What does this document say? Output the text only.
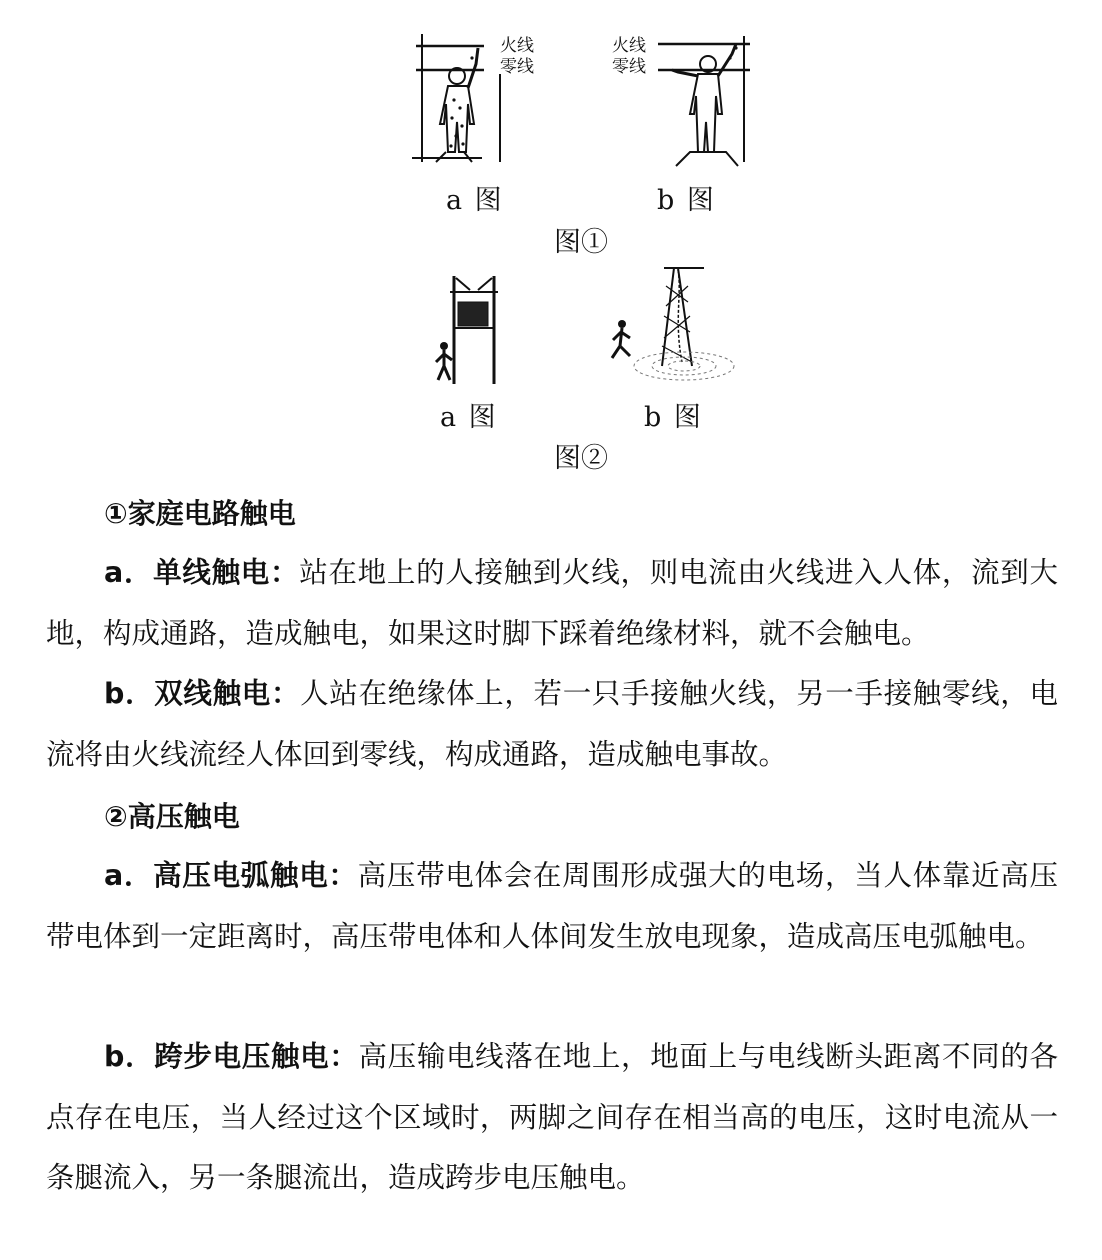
火线
零线
火线
零线
a 图	b 图
图①
a 图	b 图
图②
①家庭电路触电

a．单线触电：站在地上的人接触到火线，则电流由火线进入人体，流到大地，构成通路，造成触电，如果这时脚下踩着绝缘材料，就不会触电。

b．双线触电：人站在绝缘体上，若一只手接触火线，另一手接触零线，电流将由火线流经人体回到零线，构成通路，造成触电事故。

②高压触电

a．高压电弧触电：高压带电体会在周围形成强大的电场，当人体靠近高压带电体到一定距离时，高压带电体和人体间发生放电现象，造成高压电弧触电。

b．跨步电压触电：高压输电线落在地上，地面上与电线断头距离不同的各点存在电压，当人经过这个区域时，两脚之间存在相当高的电压，这时电流从一条腿流入，另一条腿流出，造成跨步电压触电。
